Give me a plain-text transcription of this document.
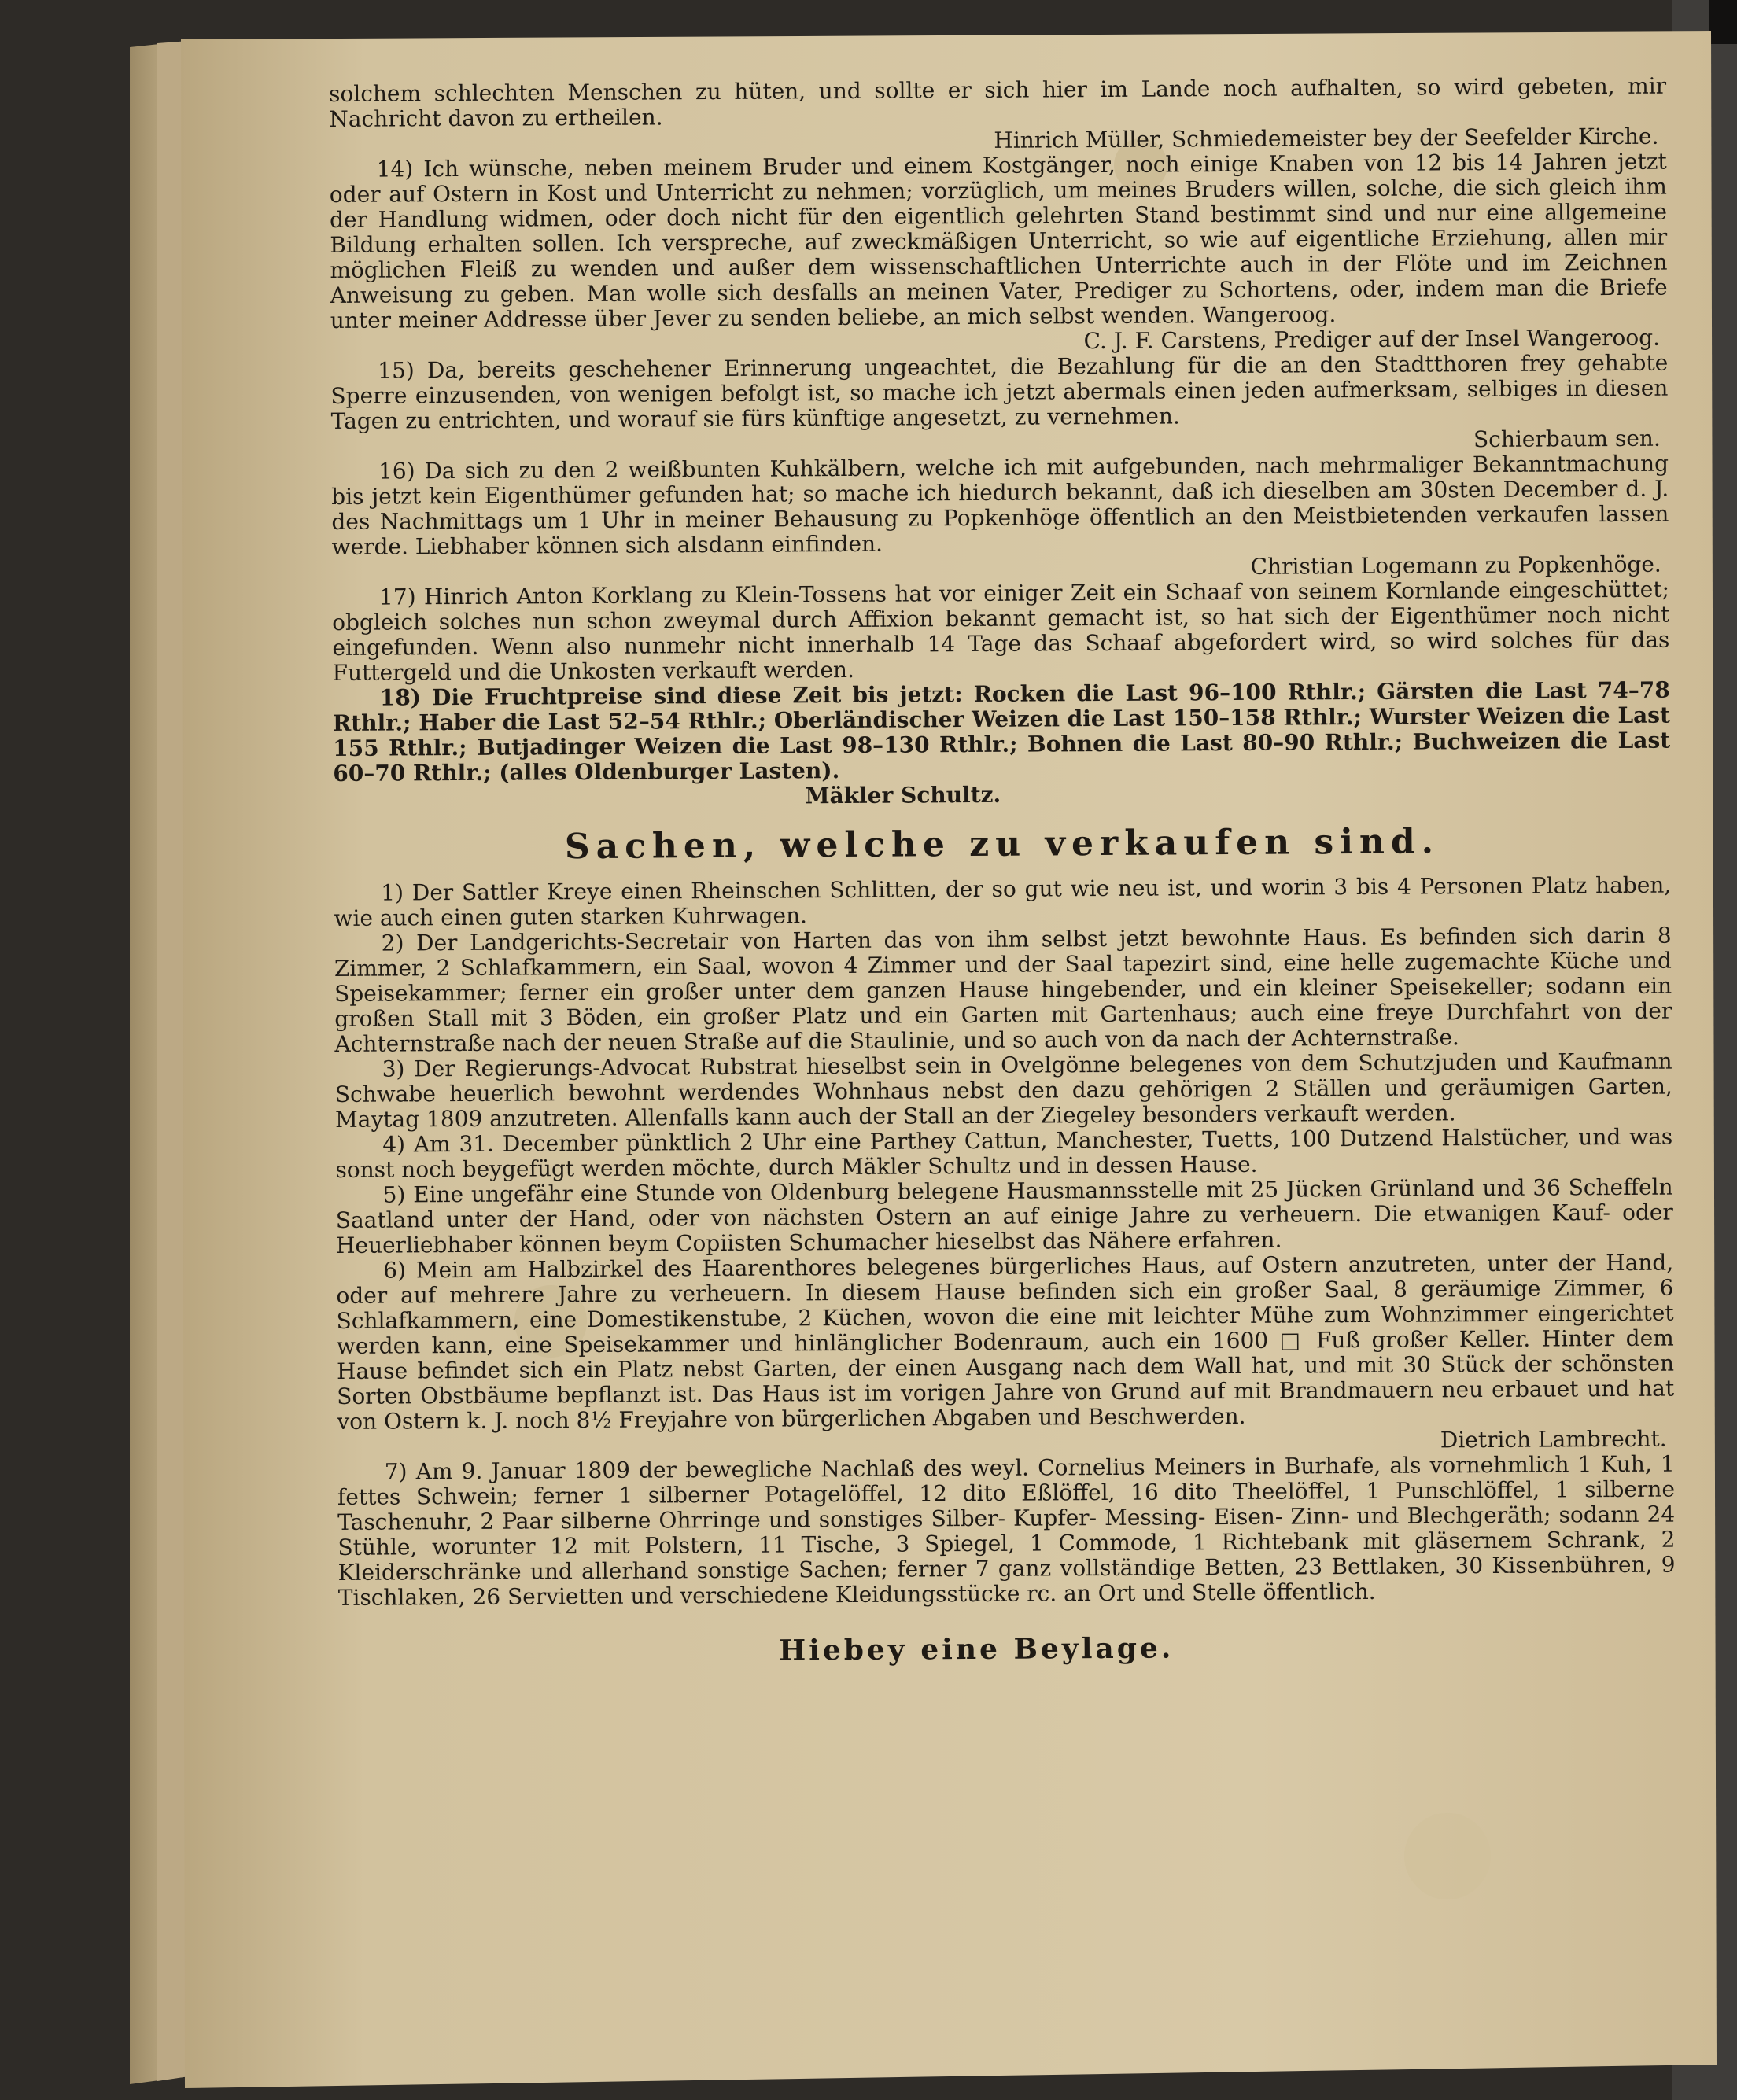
solchem schlechten Menschen zu hüten, und sollte er sich hier im Lande noch aufhalten, so wird gebeten, mir Nachricht davon zu ertheilen.

Hinrich Müller, Schmiedemeister bey der Seefelder Kirche.

14) Ich wünsche, neben meinem Bruder und einem Kostgänger, noch einige Knaben von 12 bis 14 Jahren jetzt oder auf Ostern in Kost und Unterricht zu nehmen; vorzüglich, um meines Bruders willen, solche, die sich gleich ihm der Handlung widmen, oder doch nicht für den eigentlich gelehrten Stand bestimmt sind und nur eine allgemeine Bildung erhalten sollen. Ich verspreche, auf zweckmäßigen Unterricht, so wie auf eigentliche Erziehung, allen mir möglichen Fleiß zu wenden und außer dem wissenschaftlichen Unterrichte auch in der Flöte und im Zeichnen Anweisung zu geben. Man wolle sich desfalls an meinen Vater, Prediger zu Schortens, oder, indem man die Briefe unter meiner Addresse über Jever zu senden beliebe, an mich selbst wenden. Wangeroog.

C. J. F. Carstens, Prediger auf der Insel Wangeroog.

15) Da, bereits geschehener Erinnerung ungeachtet, die Bezahlung für die an den Stadtthoren frey gehabte Sperre einzusenden, von wenigen befolgt ist, so mache ich jetzt abermals einen jeden aufmerksam, selbiges in diesen Tagen zu entrichten, und worauf sie fürs künftige angesetzt, zu vernehmen.

Schierbaum sen.

16) Da sich zu den 2 weißbunten Kuhkälbern, welche ich mit aufgebunden, nach mehrmaliger Bekanntmachung bis jetzt kein Eigenthümer gefunden hat; so mache ich hiedurch bekannt, daß ich dieselben am 30sten December d. J. des Nachmittags um 1 Uhr in meiner Behausung zu Popkenhöge öffentlich an den Meistbietenden verkaufen lassen werde. Liebhaber können sich alsdann einfinden.

Christian Logemann zu Popkenhöge.

17) Hinrich Anton Korklang zu Klein-Tossens hat vor einiger Zeit ein Schaaf von seinem Kornlande eingeschüttet; obgleich solches nun schon zweymal durch Affixion bekannt gemacht ist, so hat sich der Eigenthümer noch nicht eingefunden. Wenn also nunmehr nicht innerhalb 14 Tage das Schaaf abgefordert wird, so wird solches für das Futtergeld und die Unkosten verkauft werden.

18) Die Fruchtpreise sind diese Zeit bis jetzt: Rocken die Last 96–100 Rthlr.; Gärsten die Last 74–78 Rthlr.; Haber die Last 52–54 Rthlr.; Oberländischer Weizen die Last 150–158 Rthlr.; Wurster Weizen die Last 155 Rthlr.; Butjadinger Weizen die Last 98–130 Rthlr.; Bohnen die Last 80–90 Rthlr.; Buchweizen die Last 60–70 Rthlr.; (alles Oldenburger Lasten).

Mäkler Schultz.

Sachen, welche zu verkaufen sind.

1) Der Sattler Kreye einen Rheinschen Schlitten, der so gut wie neu ist, und worin 3 bis 4 Personen Platz haben, wie auch einen guten starken Kuhrwagen.

2) Der Landgerichts-Secretair von Harten das von ihm selbst jetzt bewohnte Haus. Es befinden sich darin 8 Zimmer, 2 Schlafkammern, ein Saal, wovon 4 Zimmer und der Saal tapezirt sind, eine helle zugemachte Küche und Speisekammer; ferner ein großer unter dem ganzen Hause hingebender, und ein kleiner Speisekeller; sodann ein großen Stall mit 3 Böden, ein großer Platz und ein Garten mit Gartenhaus; auch eine freye Durchfahrt von der Achternstraße nach der neuen Straße auf die Staulinie, und so auch von da nach der Achternstraße.

3) Der Regierungs-Advocat Rubstrat hieselbst sein in Ovelgönne belegenes von dem Schutzjuden und Kaufmann Schwabe heuerlich bewohnt werdendes Wohnhaus nebst den dazu gehörigen 2 Ställen und geräumigen Garten, Maytag 1809 anzutreten. Allenfalls kann auch der Stall an der Ziegeley besonders verkauft werden.

4) Am 31. December pünktlich 2 Uhr eine Parthey Cattun, Manchester, Tuetts, 100 Dutzend Halstücher, und was sonst noch beygefügt werden möchte, durch Mäkler Schultz und in dessen Hause.

5) Eine ungefähr eine Stunde von Oldenburg belegene Hausmannsstelle mit 25 Jücken Grünland und 36 Scheffeln Saatland unter der Hand, oder von nächsten Ostern an auf einige Jahre zu verheuern. Die etwanigen Kauf- oder Heuerliebhaber können beym Copiisten Schumacher hieselbst das Nähere erfahren.

6) Mein am Halbzirkel des Haarenthores belegenes bürgerliches Haus, auf Ostern anzutreten, unter der Hand, oder auf mehrere Jahre zu verheuern. In diesem Hause befinden sich ein großer Saal, 8 geräumige Zimmer, 6 Schlafkammern, eine Domestikenstube, 2 Küchen, wovon die eine mit leichter Mühe zum Wohnzimmer eingerichtet werden kann, eine Speisekammer und hinlänglicher Bodenraum, auch ein 1600 □ Fuß großer Keller. Hinter dem Hause befindet sich ein Platz nebst Garten, der einen Ausgang nach dem Wall hat, und mit 30 Stück der schönsten Sorten Obstbäume bepflanzt ist. Das Haus ist im vorigen Jahre von Grund auf mit Brandmauern neu erbauet und hat von Ostern k. J. noch 8½ Freyjahre von bürgerlichen Abgaben und Beschwerden.

Dietrich Lambrecht.

7) Am 9. Januar 1809 der bewegliche Nachlaß des weyl. Cornelius Meiners in Burhafe, als vornehmlich 1 Kuh, 1 fettes Schwein; ferner 1 silberner Potagelöffel, 12 dito Eßlöffel, 16 dito Theelöffel, 1 Punschlöffel, 1 silberne Taschenuhr, 2 Paar silberne Ohrringe und sonstiges Silber- Kupfer- Messing- Eisen- Zinn- und Blechgeräth; sodann 24 Stühle, worunter 12 mit Polstern, 11 Tische, 3 Spiegel, 1 Commode, 1 Richtebank mit gläsernem Schrank, 2 Kleiderschränke und allerhand sonstige Sachen; ferner 7 ganz vollständige Betten, 23 Bettlaken, 30 Kissenbühren, 9 Tischlaken, 26 Servietten und verschiedene Kleidungsstücke rc. an Ort und Stelle öffentlich.

Hiebey eine Beylage.
